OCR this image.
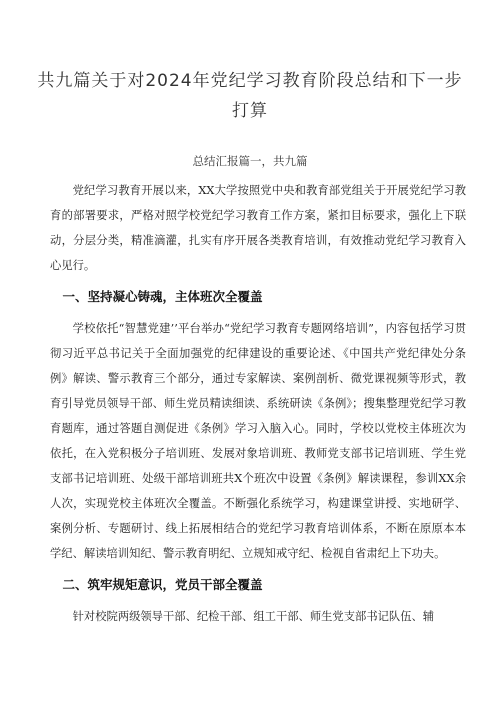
共九篇关于对2024年党纪学习教育阶段总结和下一步打算
总结汇报篇一，共九篇

党纪学习教育开展以来，XX大学按照党中央和教育部党组关于开展党纪学习教育的部署要求，严格对照学校党纪学习教育工作方案，紧扣目标要求，强化上下联动，分层分类，精准滴灌，扎实有序开展各类教育培训，有效推动党纪学习教育入心见行。

一、坚持凝心铸魂，主体班次全覆盖

学校依托“智慧党建’’平台举办“党纪学习教育专题网络培训”，内容包括学习贯彻习近平总书记关于全面加强党的纪律建设的重要论述、《中国共产党纪律处分条例》解读、警示教育三个部分，通过专家解读、案例剖析、微党课视频等形式，教育引导党员领导干部、师生党员精读细读、系统研读《条例》；搜集整理党纪学习教育题库，通过答题自测促进《条例》学习入脑入心。同时，学校以党校主体班次为依托，在入党积极分子培训班、发展对象培训班、教师党支部书记培训班、学生党支部书记培训班、处级干部培训班共X个班次中设置《条例》解读课程，参训XX余人次，实现党校主体班次全覆盖。不断强化系统学习，构建课堂讲授、实地研学、案例分析、专题研讨、线上拓展相结合的党纪学习教育培训体系，不断在原原本本学纪、解读培训知纪、警示教育明纪、立规知戒守纪、检视自省肃纪上下功夫。

二、筑牢规矩意识，党员干部全覆盖

针对校院两级领导干部、纪检干部、组工干部、师生党支部书记队伍、辅
